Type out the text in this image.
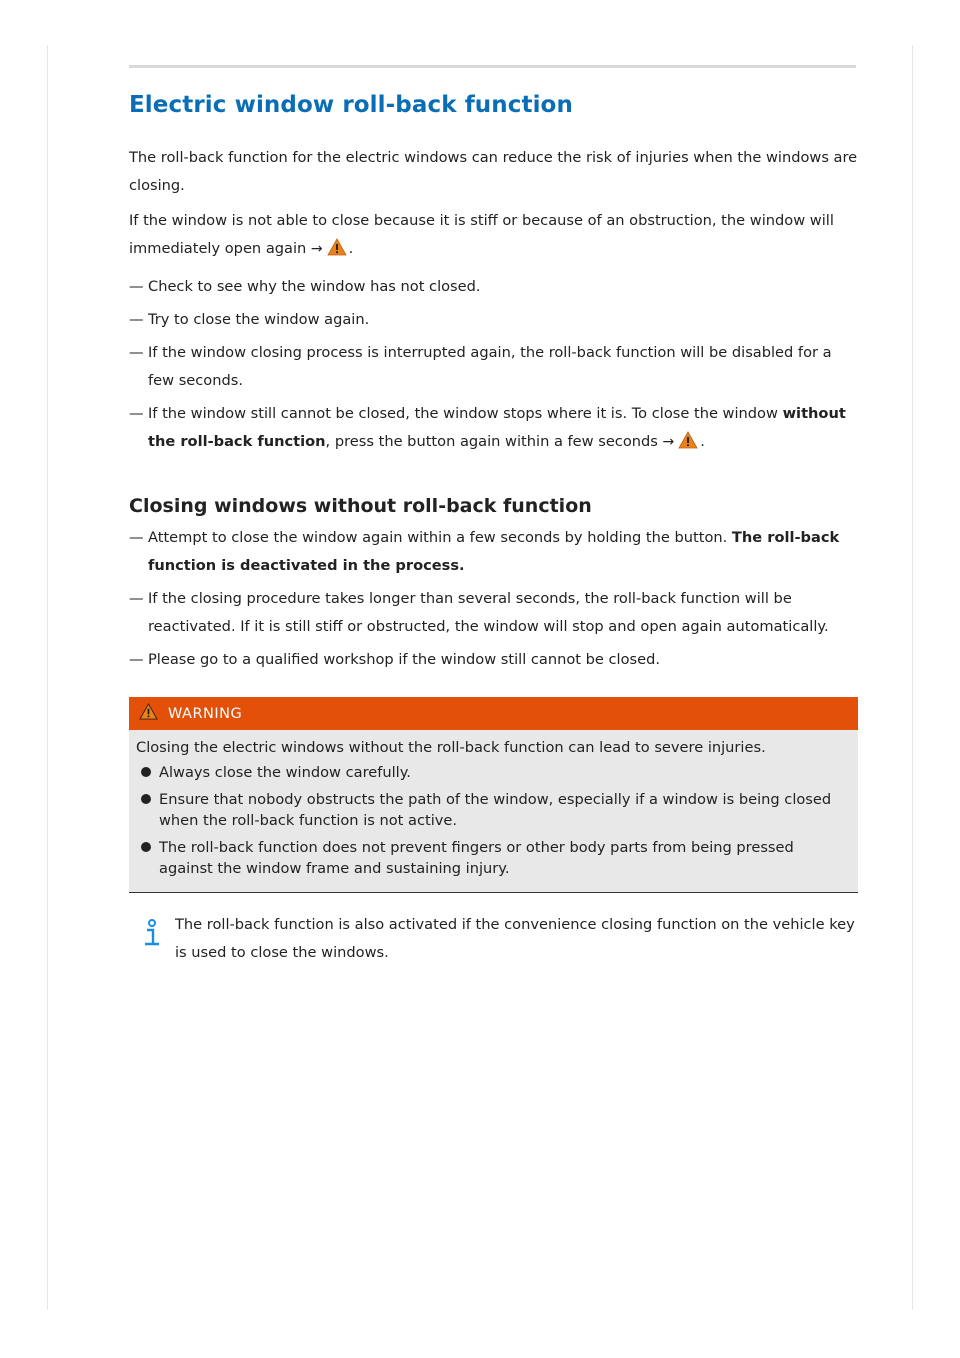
Electric window roll-back function

The roll-back function for the electric windows can reduce the risk of injuries when the windows are closing.

If the window is not able to close because it is stiff or because of an obstruction, the window will immediately open again → .

—
Check to see why the window has not closed.
—
Try to close the window again.
—
If the window closing process is interrupted again, the roll-back function will be disabled for a few seconds.
—
If the window still cannot be closed, the window stops where it is. To close the window without the roll-back function, press the button again within a few seconds → .
Closing windows without roll-back function
—
Attempt to close the window again within a few seconds by holding the button. The roll-back function is deactivated in the process.
—
If the closing procedure takes longer than several seconds, the roll-back function will be reactivated. If it is still stiff or obstructed, the window will stop and open again automatically.
—
Please go to a qualified workshop if the window still cannot be closed.
WARNING

Closing the electric windows without the roll-back function can lead to severe injuries.

Always close the window carefully.
Ensure that nobody obstructs the path of the window, especially if a window is being closed when the roll-back function is not active.
The roll-back function does not prevent fingers or other body parts from being pressed against the window frame and sustaining injury.
The roll-back function is also activated if the convenience closing function on the vehicle key is used to close the windows.
